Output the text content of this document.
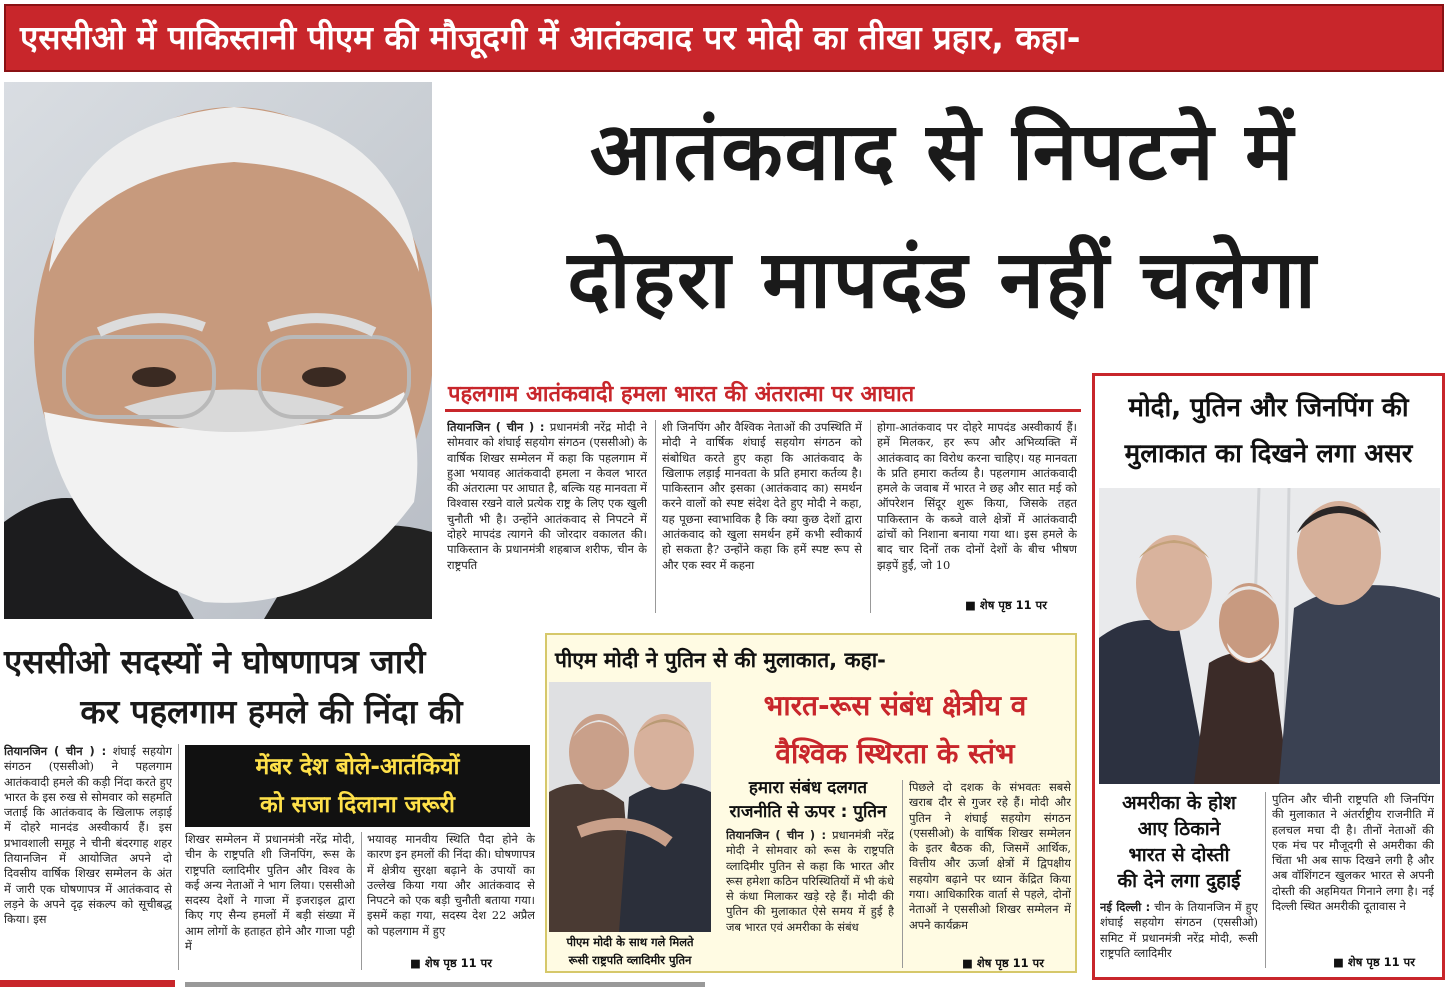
एससीओ में पाकिस्तानी पीएम की मौजूदगी में आतंकवाद पर मोदी का तीखा प्रहार, कहा-
आतंकवाद से निपटने में
दोहरा मापदंड नहीं चलेगा
पहलगाम आतंकवादी हमला भारत की अंतरात्मा पर आघात
तियानजिन ( चीन ) : प्रधानमंत्री नरेंद्र मोदी ने सोमवार को शंघाई सहयोग संगठन (एससीओ) के वार्षिक शिखर सम्मेलन में कहा कि पहलगाम में हुआ भयावह आतंकवादी हमला न केवल भारत की अंतरात्मा पर आघात है, बल्कि यह मानवता में विश्वास रखने वाले प्रत्येक राष्ट्र के लिए एक खुली चुनौती भी है। उन्होंने आतंकवाद से निपटने में दोहरे मापदंड त्यागने की जोरदार वकालत की। पाकिस्तान के प्रधानमंत्री शहबाज शरीफ, चीन के राष्ट्रपति
शी जिनपिंग और वैश्विक नेताओं की उपस्थिति में मोदी ने वार्षिक शंघाई सहयोग संगठन को संबोधित करते हुए कहा कि आतंकवाद के खिलाफ लड़ाई मानवता के प्रति हमारा कर्तव्य है। पाकिस्तान और इसका (आतंकवाद का) समर्थन करने वालों को स्पष्ट संदेश देते हुए मोदी ने कहा, यह पूछना स्वाभाविक है कि क्या कुछ देशों द्वारा आतंकवाद को खुला समर्थन हमें कभी स्वीकार्य हो सकता है? उन्होंने कहा कि हमें स्पष्ट रूप से और एक स्वर में कहना
होगा-आतंकवाद पर दोहरे मापदंड अस्वीकार्य हैं। हमें मिलकर, हर रूप और अभिव्यक्ति में आतंकवाद का विरोध करना चाहिए। यह मानवता के प्रति हमारा कर्तव्य है। पहलगाम आतंकवादी हमले के जवाब में भारत ने छह और सात मई को ऑपरेशन सिंदूर शुरू किया, जिसके तहत पाकिस्तान के कब्जे वाले क्षेत्रों में आतंकवादी ढांचों को निशाना बनाया गया था। इस हमले के बाद चार दिनों तक दोनों देशों के बीच भीषण झड़पें हुईं, जो 10
■ शेष पृष्ठ 11 पर
मोदी, पुतिन और जिनपिंग की
मुलाकात का दिखने लगा असर
अमरीका के होश
आए ठिकाने
भारत से दोस्ती
की देने लगा दुहाई
नई दिल्ली : चीन के तियानजिन में हुए शंघाई सहयोग संगठन (एससीओ) समिट में प्रधानमंत्री नरेंद्र मोदी, रूसी राष्ट्रपति व्लादिमीर
पुतिन और चीनी राष्ट्रपति शी जिनपिंग की मुलाकात ने अंतर्राष्ट्रीय राजनीति में हलचल मचा दी है। तीनों नेताओं की एक मंच पर मौजूदगी से अमरीका की चिंता भी अब साफ दिखने लगी है और अब वॉशिंगटन खुलकर भारत से अपनी दोस्ती की अहमियत गिनाने लगा है। नई दिल्ली स्थित अमरीकी दूतावास ने
■ शेष पृष्ठ 11 पर
एससीओ सदस्यों ने घोषणापत्र जारी
कर पहलगाम हमले की निंदा की
मेंबर देश बोले-आतंकियों
को सजा दिलाना जरूरी
तियानजिन ( चीन ) : शंघाई सहयोग संगठन (एससीओ) ने पहलगाम आतंकवादी हमले की कड़ी निंदा करते हुए भारत के इस रुख से सोमवार को सहमति जताई कि आतंकवाद के खिलाफ लड़ाई में दोहरे मानदंड अस्वीकार्य हैं। इस प्रभावशाली समूह ने चीनी बंदरगाह शहर तियानजिन में आयोजित अपने दो दिवसीय वार्षिक शिखर सम्मेलन के अंत में जारी एक घोषणापत्र में आतंकवाद से लड़ने के अपने दृढ़ संकल्प को सूचीबद्ध किया। इस
शिखर सम्मेलन में प्रधानमंत्री नरेंद्र मोदी, चीन के राष्ट्रपति शी जिनपिंग, रूस के राष्ट्रपति व्लादिमीर पुतिन और विश्व के कई अन्य नेताओं ने भाग लिया। एससीओ सदस्य देशों ने गाजा में इजराइल द्वारा किए गए सैन्य हमलों में बड़ी संख्या में आम लोगों के हताहत होने और गाजा पट्टी में
भयावह मानवीय स्थिति पैदा होने के कारण इन हमलों की निंदा की। घोषणापत्र में क्षेत्रीय सुरक्षा बढ़ाने के उपायों का उल्लेख किया गया और आतंकवाद से निपटने को एक बड़ी चुनौती बताया गया। इसमें कहा गया, सदस्य देश 22 अप्रैल को पहलगाम में हुए
■ शेष पृष्ठ 11 पर
पीएम मोदी ने पुतिन से की मुलाकात, कहा-
पीएम मोदी के साथ गले मिलते
रूसी राष्ट्रपति व्लादिमीर पुतिन
भारत-रूस संबंध क्षेत्रीय व
वैश्विक स्थिरता के स्तंभ
हमारा संबंध दलगत
राजनीति से ऊपर : पुतिन
तियानजिन ( चीन ) : प्रधानमंत्री नरेंद्र मोदी ने सोमवार को रूस के राष्ट्रपति व्लादिमीर पुतिन से कहा कि भारत और रूस हमेशा कठिन परिस्थितियों में भी कंधे से कंधा मिलाकर खड़े रहे हैं। मोदी की पुतिन की मुलाकात ऐसे समय में हुई है जब भारत एवं अमरीका के संबंध
पिछले दो दशक के संभवतः सबसे खराब दौर से गुजर रहे हैं। मोदी और पुतिन ने शंघाई सहयोग संगठन (एससीओ) के वार्षिक शिखर सम्मेलन के इतर बैठक की, जिसमें आर्थिक, वित्तीय और ऊर्जा क्षेत्रों में द्विपक्षीय सहयोग बढ़ाने पर ध्यान केंद्रित किया गया। आधिकारिक वार्ता से पहले, दोनों नेताओं ने एससीओ शिखर सम्मेलन में अपने कार्यक्रम
■ शेष पृष्ठ 11 पर
